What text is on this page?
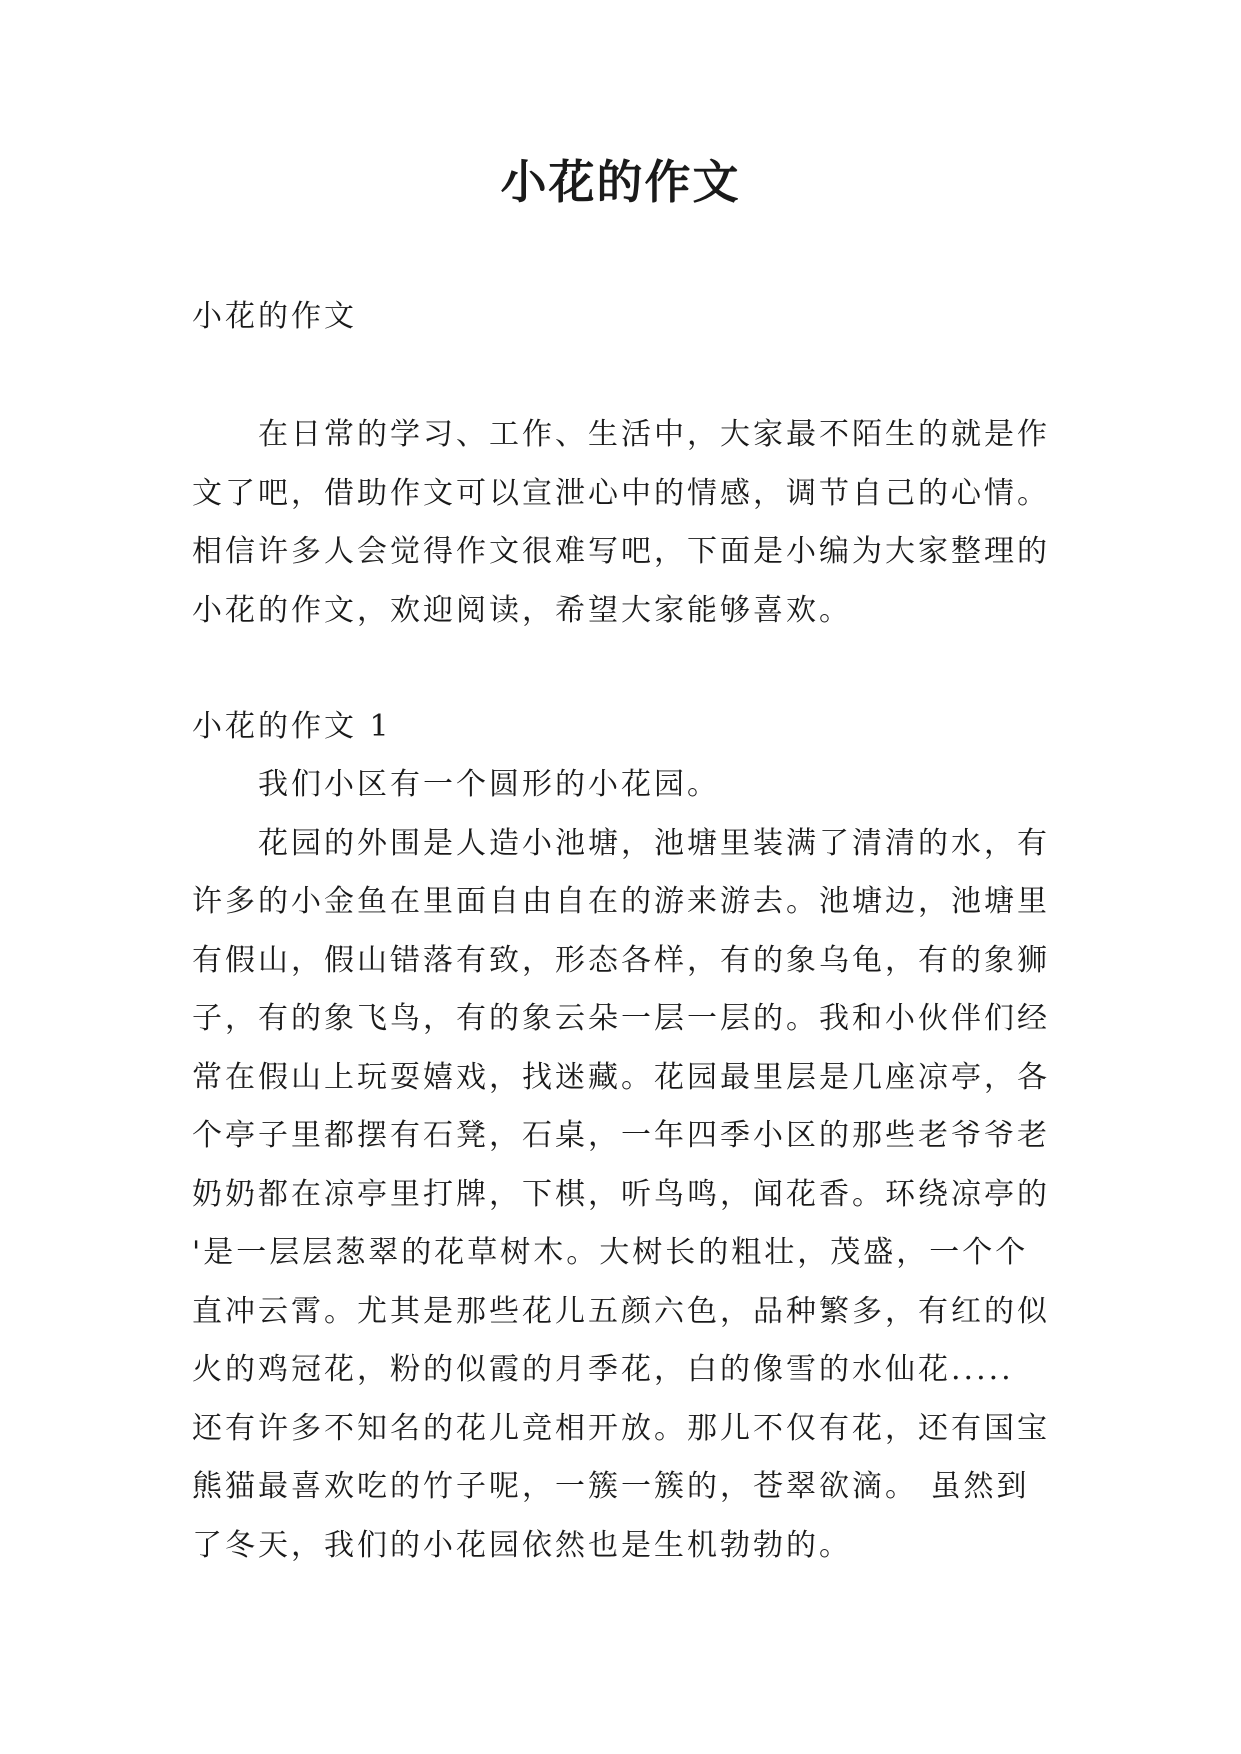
小花的作文

小花的作文

在日常的学习、工作、生活中，大家最不陌生的就是作
文了吧，借助作文可以宣泄心中的情感，调节自己的心情。
相信许多人会觉得作文很难写吧，下面是小编为大家整理的
小花的作文，欢迎阅读，希望大家能够喜欢。

小花的作文 1

我们小区有一个圆形的小花园。
花园的外围是人造小池塘，池塘里装满了清清的水，有
许多的小金鱼在里面自由自在的游来游去。池塘边，池塘里
有假山，假山错落有致，形态各样，有的象乌龟，有的象狮
子，有的象飞鸟，有的象云朵一层一层的。我和小伙伴们经
常在假山上玩耍嬉戏，找迷藏。花园最里层是几座凉亭，各
个亭子里都摆有石凳，石桌，一年四季小区的那些老爷爷老
奶奶都在凉亭里打牌，下棋，听鸟鸣，闻花香。环绕凉亭的
'是一层层葱翠的花草树木。大树长的粗壮，茂盛，一个个
直冲云霄。尤其是那些花儿五颜六色，品种繁多，有红的似
火的鸡冠花，粉的似霞的月季花，白的像雪的水仙花.....
还有许多不知名的花儿竞相开放。那儿不仅有花，还有国宝
熊猫最喜欢吃的竹子呢，一簇一簇的，苍翠欲滴。 虽然到
了冬天，我们的小花园依然也是生机勃勃的。
